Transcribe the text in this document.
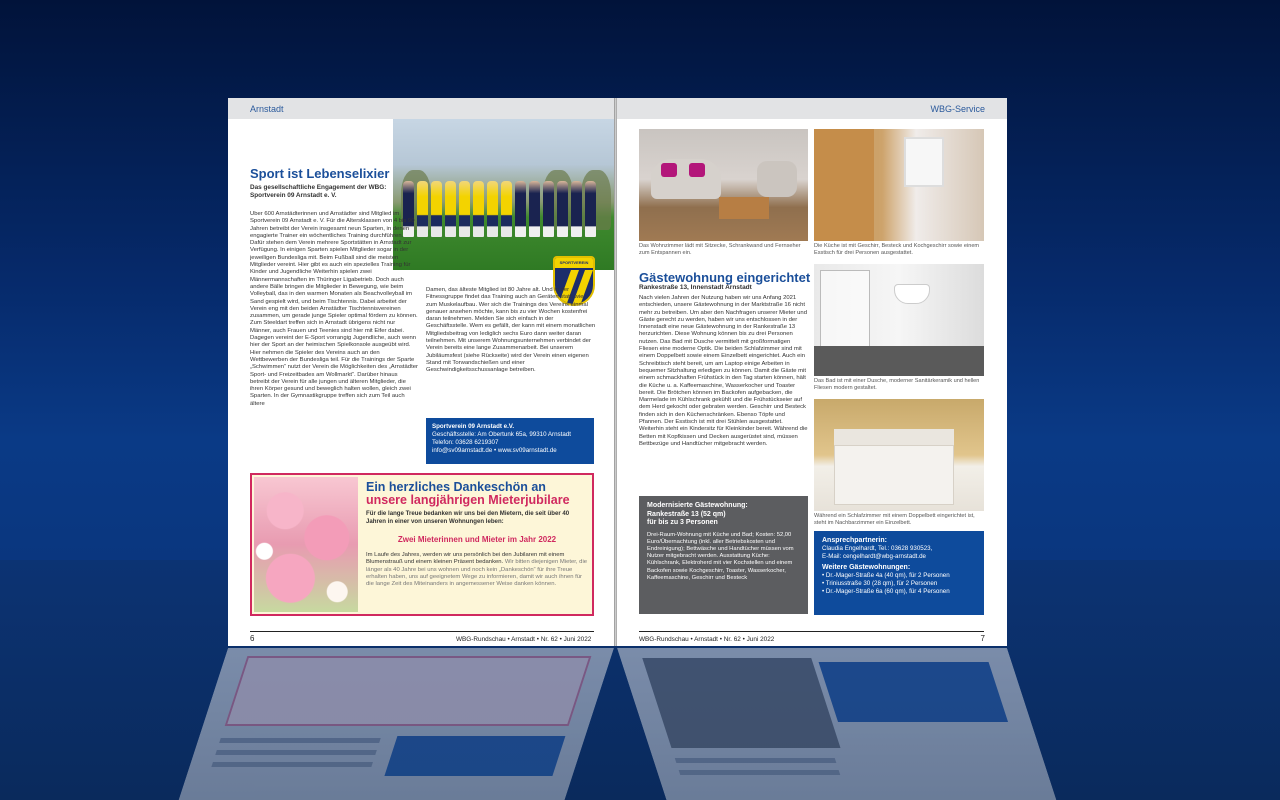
Arnstadt
SPORTVEREIN
Sport ist Lebenselixier

Das gesellschaftliche Engagement der WBG: Sportverein 09 Arnstadt e. V.

Über 600 Arnstädterinnen und Arnstädter sind Mitglied im Sportverein 09 Arnstadt e. V. Für die Altersklassen von 4 bis 90 Jahren betreibt der Verein insgesamt neun Sparten, in denen engagierte Trainer ein wöchentliches Training durchführen. Dafür stehen dem Verein mehrere Sportstätten in Arnstadt zur Verfügung. In einigen Sparten spielen Mitglieder sogar in der jeweiligen Bundesliga mit. Beim Fußball sind die meisten Mitglieder vereint. Hier gibt es auch ein spezielles Training für Kinder und Jugendliche Weiterhin spielen zwei Männermannschaften im Thüringer Ligabetrieb. Doch auch andere Bälle bringen die Mitglieder in Bewegung, wie beim Volleyball, das in den warmen Monaten als Beachvolleyball im Sand gespielt wird, und beim Tischtennis. Dabei arbeitet der Verein eng mit den beiden Arnstädter Tischtennisvereinen zusammen, um gerade junge Spieler optimal fördern zu können. Zum Steeldart treffen sich in Arnstadt übrigens nicht nur Männer, auch Frauen und Teenies sind hier mit Eifer dabei. Dagegen vereint der E-Sport vorrangig Jugendliche, auch wenn hier der Sport an der heimischen Spielkonsole ausgeübt wird. Hier nehmen die Spieler des Vereins auch an den Wettbewerben der Bundesliga teil. Für die Trainings der Sparte „Schwimmen“ nutzt der Verein die Möglichkeiten des „Arnstädter Sport- und Freizeitbades am Wollmarkt“. Darüber hinaus betreibt der Verein für alle jungen und älteren Mitglieder, die ihren Körper gesund und beweglich halten wollen, gleich zwei Sparten. In der Gymnastikgruppe treffen sich zum Teil auch ältere

Damen, das älteste Mitglied ist 80 Jahre alt. Und in der Fitnessgruppe findet das Training auch an Geräten statt, wie zum Muskelaufbau. Wer sich die Trainings des Vereins einmal genauer ansehen möchte, kann bis zu vier Wochen kostenfrei daran teilnehmen. Melden Sie sich einfach in der Geschäftsstelle. Wem es gefällt, der kann mit einem monatlichen Mitgliedsbeitrag von lediglich sechs Euro dann weiter daran teilnehmen. Mit unserem Wohnungsunternehmen verbindet der Verein bereits eine lange Zusammenarbeit. Bei unserem Jubiläumsfest (siehe Rückseite) wird der Verein einen eigenen Stand mit Torwandschießen und einer Geschwindigkeitsschussanlage betreiben.

Sportverein 09 Arnstadt e.V.
Geschäftsstelle: Am Obertunk 65a, 99310 Arnstadt
Telefon: 03628 6219307
info@sv09arnstadt.de • www.sv09arnstadt.de
Ein herzliches Dankeschön an
unsere langjährigen Mieterjubilare
Für die lange Treue bedanken wir uns bei den Mietern, die seit über 40 Jahren in einer von unseren Wohnungen leben:
Zwei Mieterinnen und Mieter im Jahr 2022
Im Laufe des Jahres, werden wir uns persönlich bei den Jubilaren mit einem Blumenstrauß und einem kleinen Präsent bedanken. Wir bitten diejenigen Mieter, die länger als 40 Jahre bei uns wohnen und noch kein „Dankeschön“ für ihre Treue erhalten haben, uns auf geeignetem Wege zu informieren, damit wir auch ihnen für die lange Zeit des Miteinanders in angemessener Weise danken können.
6	WBG-Rundschau • Arnstadt • Nr. 62 • Juni 2022
WBG-Service

Das Wohnzimmer lädt mit Sitzecke, Schrankwand und Fernseher zum Entspannen ein.

Die Küche ist mit Geschirr, Besteck und Kochgeschirr sowie einem Esstisch für drei Personen ausgestattet.

Gästewohnung eingerichtet

Rankestraße 13, Innenstadt Arnstadt

Nach vielen Jahren der Nutzung haben wir uns Anfang 2021 entschieden, unsere Gästewohnung in der Marktstraße 16 nicht mehr zu betreiben. Um aber den Nachfragen unserer Mieter und Gäste gerecht zu werden, haben wir uns entschlossen in der Innenstadt eine neue Gästewohnung in der Rankestraße 13 herzurichten. Diese Wohnung können bis zu drei Personen nutzen. Das Bad mit Dusche vermittelt mit großformatigen Fliesen eine moderne Optik. Die beiden Schlafzimmer sind mit einem Doppelbett sowie einem Einzelbett eingerichtet. Auch ein Schreibtisch steht bereit, um am Laptop einige Arbeiten in bequemer Sitzhaltung erledigen zu können. Damit die Gäste mit einem schmackhaften Frühstück in den Tag starten können, hält die Küche u. a. Kaffeemaschine, Wasserkocher und Toaster bereit. Die Brötchen können im Backofen aufgebacken, die Marmelade im Kühlschrank gekühlt und die Frühstückseier auf dem Herd gekocht oder gebraten werden. Geschirr und Besteck finden sich in den Küchenschränken. Ebenso Töpfe und Pfannen. Der Esstisch ist mit drei Stühlen ausgestattet. Weiterhin steht ein Kindersitz für Kleinkinder bereit. Während die Betten mit Kopfkissen und Decken ausgerüstet sind, müssen Bettbezüge und Handtücher mitgebracht werden.

Das Bad ist mit einer Dusche, moderner Sanitärkeramik und hellen Fliesen modern gestaltet.

Während ein Schlafzimmer mit einem Doppelbett eingerichtet ist, steht im Nachbarzimmer ein Einzelbett.

Modernisierte Gästewohnung:
Rankestraße 13 (52 qm)
für bis zu 3 Personen
Drei-Raum-Wohnung mit Küche und Bad; Kosten: 52,00 Euro/Übernachtung (inkl. aller Betriebskosten und Endreinigung); Bettwäsche und Handtücher müssen vom Nutzer mitgebracht werden. Ausstattung Küche: Kühlschrank, Elektroherd mit vier Kochstellen und einem Backofen sowie Kochgeschirr, Toaster, Wasserkocher, Kaffeemaschine, Geschirr und Besteck
Ansprechpartnerin:
Claudia Engelhardt, Tel.: 03628 930523,
E-Mail: cengelhardt@wbg-arnstadt.de
Weitere Gästewohnungen:
• Dr.-Mager-Straße 4a (40 qm), für 2 Personen
• Triniusstraße 30 (28 qm), für 2 Personen
• Dr.-Mager-Straße 6a (60 qm), für 4 Personen
WBG-Rundschau • Arnstadt • Nr. 62 • Juni 2022	7
